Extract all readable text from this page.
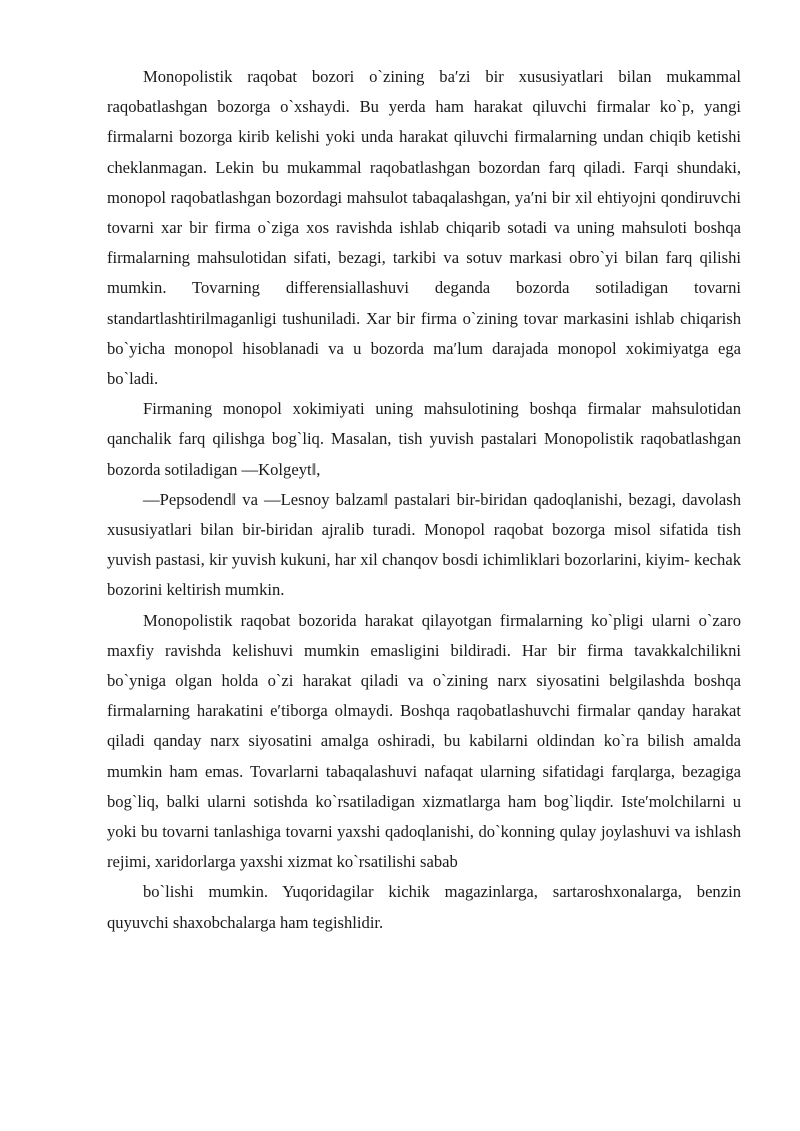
Monopolistik raqobat bozori o`zining baʹzi bir xususiyatlari bilan mukammal raqobatlashgan bozorga o`xshaydi. Bu yerda ham harakat qiluvchi firmalar ko`p, yangi firmalarni bozorga kirib kelishi yoki unda harakat qiluvchi firmalarning undan chiqib ketishi cheklanmagan. Lekin bu mukammal raqobatlashgan bozordan farq qiladi. Farqi shundaki, monopol raqobatlashgan bozordagi mahsulot tabaqalashgan, yaʹni bir xil ehtiyojni qondiruvchi tovarni xar bir firma o`ziga xos ravishda ishlab chiqarib sotadi va uning mahsuloti boshqa firmalarning mahsulotidan sifati, bezagi, tarkibi va sotuv markasi obro`yi bilan farq qilishi mumkin. Tovarning differensiallashuvi deganda bozorda sotiladigan tovarni standartlashtirilmaganligi tushuniladi. Xar bir firma o`zining tovar markasini ishlab chiqarish bo`yicha monopol hisoblanadi va u bozorda maʹlum darajada monopol xokimiyatga ega bo`ladi.

Firmaning monopol xokimiyati uning mahsulotining boshqa firmalar mahsulotidan qanchalik farq qilishga bog`liq. Masalan, tish yuvish pastalari Monopolistik raqobatlashgan bozorda sotiladigan ―Kolgeyt‖,

―Pepsodend‖ va ―Lesnoy balzam‖ pastalari bir-biridan qadoqlanishi, bezagi, davolash xususiyatlari bilan bir-biridan ajralib turadi. Monopol raqobat bozorga misol sifatida tish yuvish pastasi, kir yuvish kukuni, har xil chanqov bosdi ichimliklari bozorlarini, kiyim- kechak bozorini keltirish mumkin.

Monopolistik raqobat bozorida harakat qilayotgan firmalarning ko`pligi ularni o`zaro maxfiy ravishda kelishuvi mumkin emasligini bildiradi. Har bir firma tavakkalchilikni bo`yniga olgan holda o`zi harakat qiladi va o`zining narx siyosatini belgilashda boshqa firmalarning harakatini eʹtiborga olmaydi. Boshqa raqobatlashuvchi firmalar qanday harakat qiladi qanday narx siyosatini amalga oshiradi, bu kabilarni oldindan ko`ra bilish amalda mumkin ham emas. Tovarlarni tabaqalashuvi nafaqat ularning sifatidagi farqlarga, bezagiga bog`liq, balki ularni sotishda ko`rsatiladigan xizmatlarga ham bog`liqdir. Isteʹmolchilarni u yoki bu tovarni tanlashiga tovarni yaxshi qadoqlanishi, do`konning qulay joylashuvi va ishlash rejimi, xaridorlarga yaxshi xizmat ko`rsatilishi sabab

bo`lishi mumkin. Yuqoridagilar kichik magazinlarga, sartaroshxonalarga, benzin quyuvchi shaxobchalarga ham tegishlidir.
